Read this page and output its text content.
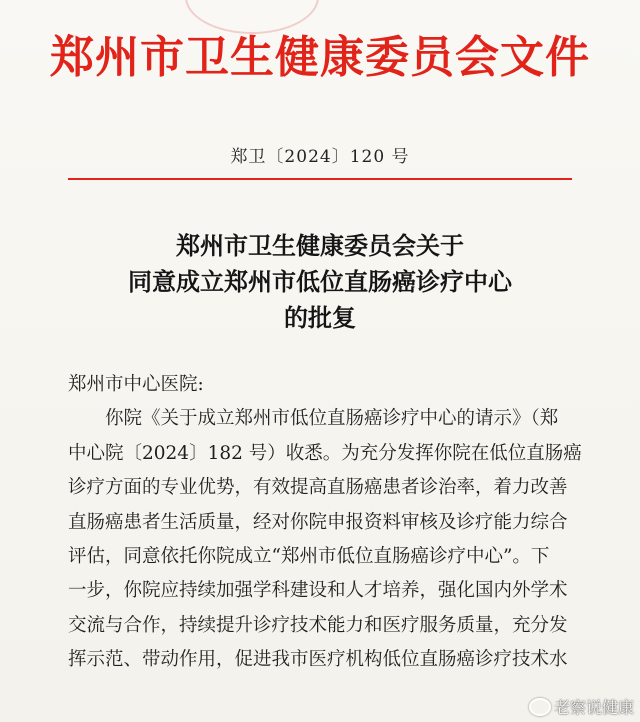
郑州市卫生健康委员会文件
郑卫〔2024〕120 号
郑州市卫生健康委员会关于
同意成立郑州市低位直肠癌诊疗中心
的批复
郑州市中心医院:
你院《关于成立郑州市低位直肠癌诊疗中心的请示》（郑
中心院〔2024〕182 号）收悉。为充分发挥你院在低位直肠癌
诊疗方面的专业优势，有效提高直肠癌患者诊治率，着力改善
直肠癌患者生活质量，经对你院申报资料审核及诊疗能力综合
评估，同意依托你院成立“郑州市低位直肠癌诊疗中心”。下
一步，你院应持续加强学科建设和人才培养，强化国内外学术
交流与合作，持续提升诊疗技术能力和医疗服务质量，充分发
挥示范、带动作用，促进我市医疗机构低位直肠癌诊疗技术水
老察说健康
